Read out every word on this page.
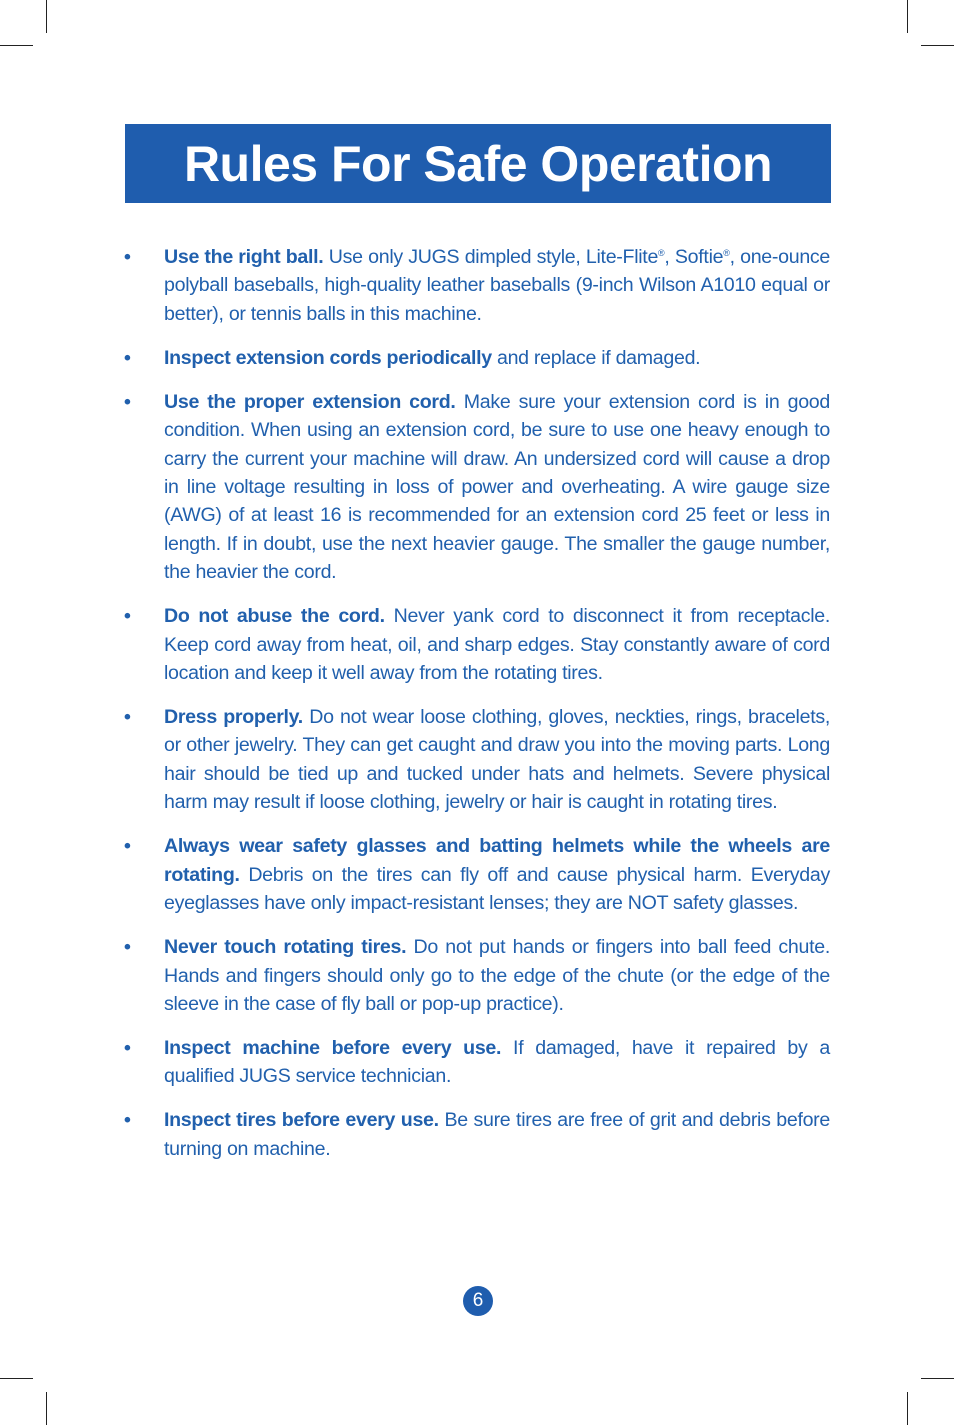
Rules For Safe Operation
• Use the right ball. Use only JUGS dimpled style, Lite-Flite®, Softie®, one-ounce polyball baseballs, high-quality leather baseballs (9-inch Wilson A1010 equal or better), or tennis balls in this machine.
• Inspect extension cords periodically and replace if damaged.
• Use the proper extension cord. Make sure your extension cord is in good condition. When using an extension cord, be sure to use one heavy enough to carry the current your machine will draw. An undersized cord will cause a drop in line voltage resulting in loss of power and overheating. A wire gauge size (AWG) of at least 16 is recommended for an extension cord 25 feet or less in length. If in doubt, use the next heavier gauge. The smaller the gauge number, the heavier the cord.
• Do not abuse the cord. Never yank cord to disconnect it from receptacle. Keep cord away from heat, oil, and sharp edges. Stay constantly aware of cord location and keep it well away from the rotating tires.
• Dress properly. Do not wear loose clothing, gloves, neckties, rings, bracelets, or other jewelry. They can get caught and draw you into the moving parts. Long hair should be tied up and tucked under hats and helmets. Severe physical harm may result if loose clothing, jewelry or hair is caught in rotating tires.
• Always wear safety glasses and batting helmets while the wheels are rotating. Debris on the tires can fly off and cause physical harm. Everyday eyeglasses have only impact-resistant lenses; they are NOT safety glasses.
• Never touch rotating tires. Do not put hands or fingers into ball feed chute. Hands and fingers should only go to the edge of the chute (or the edge of the sleeve in the case of fly ball or pop-up practice).
• Inspect machine before every use. If damaged, have it repaired by a qualified JUGS service technician.
• Inspect tires before every use. Be sure tires are free of grit and debris before turning on machine.
6
